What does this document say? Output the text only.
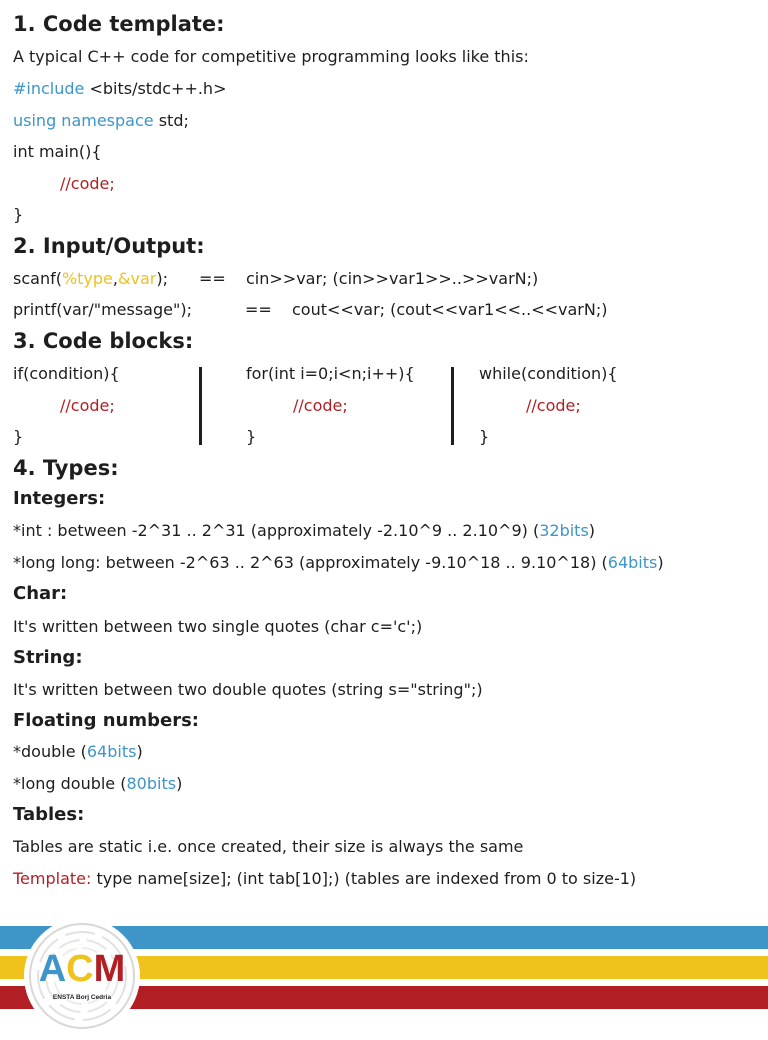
1. Code template:
A typical C++ code for competitive programming looks like this:
#include <bits/stdc++.h>
using namespace std;
int main(){
//code;
}
2. Input/Output:
scanf(%type,&var); == cin>>var; (cin>>var1>>..>>varN;)
printf(var/"message");	== cout<<var; (cout<<var1<<..<<varN;)
3. Code blocks:
if(condition){
//code;
}
for(int i=0;i<n;i++){
//code;
}
while(condition){
//code;
}
4. Types:
Integers:
*int : between -2^31 .. 2^31 (approximately -2.10^9 .. 2.10^9) (32bits)
*long long: between -2^63 .. 2^63 (approximately -9.10^18 .. 9.10^18) (64bits)
Char:
It's written between two single quotes (char c='c';)
String:
It's written between two double quotes (string s="string";)
Floating numbers:
*double (64bits)
*long double (80bits)
Tables:
Tables are static i.e. once created, their size is always the same
Template: type name[size]; (int tab[10];) (tables are indexed from 0 to size-1)
ACM
ENSTA Borj Cedria
